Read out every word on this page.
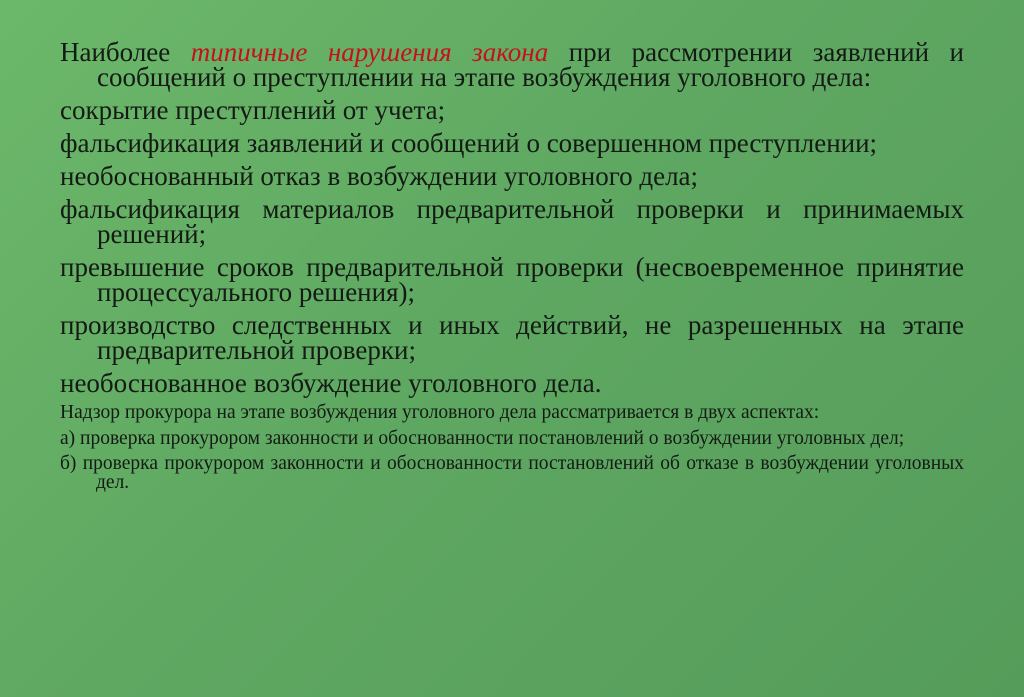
Наиболее типичные нарушения закона при рассмотрении заявлений и сообщений о преступлении на этапе возбуждения уголовного дела:

сокрытие преступлений от учета;

фальсификация заявлений и сообщений о совершенном преступлении;

необоснованный отказ в возбуждении уголовного дела;

фальсификация материалов предварительной проверки и принимаемых решений;

превышение сроков предварительной проверки (несвоевременное принятие процессуального решения);

производство следственных и иных действий, не разрешенных на этапе предварительной проверки;

необоснованное возбуждение уголовного дела.

Надзор прокурора на этапе возбуждения уголовного дела рассматривается в двух аспектах:

а) проверка прокурором законности и обоснованности постановлений о возбуждении уголовных дел;

б) проверка прокурором законности и обоснованности постановлений об отказе в возбуждении уголовных дел.
